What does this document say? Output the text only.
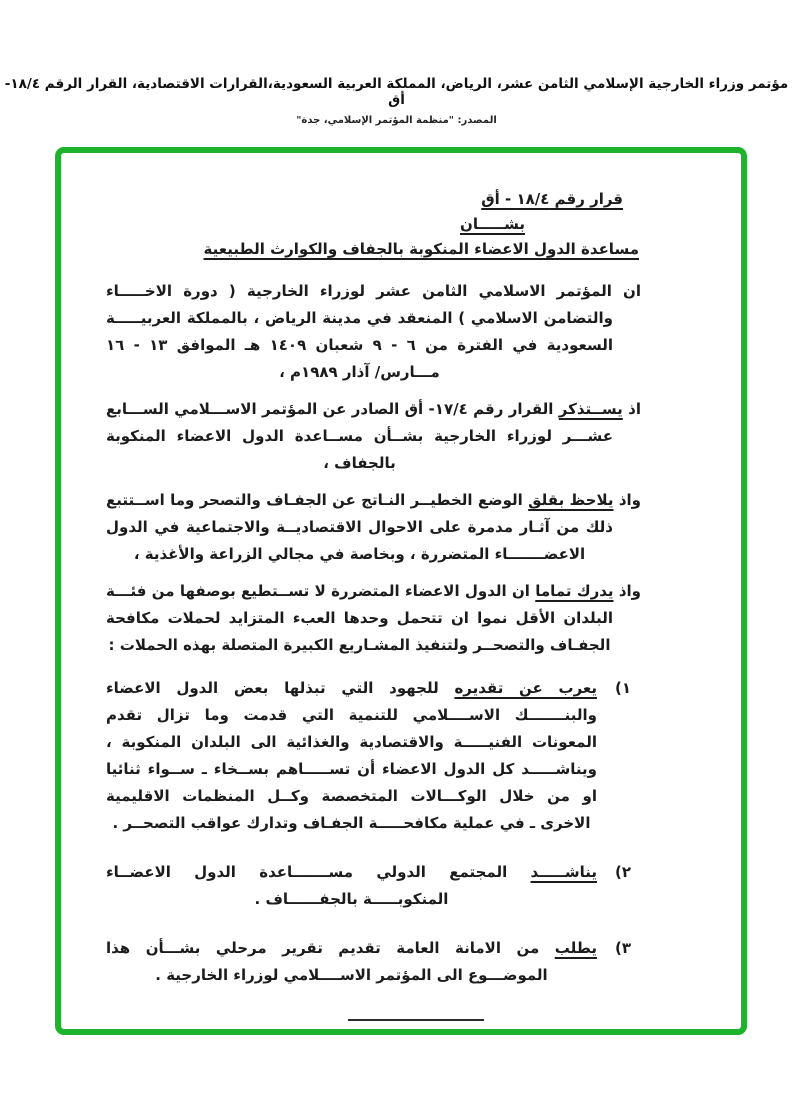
مؤتمر وزراء الخارجية الإسلامي الثامن عشر، الرياض، المملكة العربية السعودية،القرارات الاقتصادية، القرار الرقم ١٨/٤-أق
المصدر: "منظمة المؤتمر الإسلامي، جدة"
قرار رقم ١٨/٤ - أق
بشـــــان
مساعدة الدول الاعضاء المنكوبة بالجفاف والكوارث الطبيعية

ان المؤتمر الاسلامي الثامن عشر لوزراء الخارجية ( دورة الاخـــــاء والتضامن الاسلامي ) المنعقد في مدينة الرياض ، بالمملكة العربيـــــة السعودية في الفترة من ٦ - ٩ شعبان ١٤٠٩ هـ الموافق ١٣ - ١٦ مـــارس/ آذار ١٩٨٩م ،

اذ يســتذكر القرار رقم ١٧/٤- أق الصادر عن المؤتمر الاســـلامي الســـابع عشـــر لوزراء الخارجية بشــأن مســاعدة الدول الاعضاء المنكوبة بالجفاف ،

واذ يلاحظ بقلق الوضع الخطيــر النـاتج عن الجفـاف والتصحر وما اســتتبع ذلك من آثـار مدمرة على الاحوال الاقتصاديــة والاجتماعية في الدول الاعضـــــــاء المتضررة ، وبخاصة في مجالي الزراعة والأغذية ،

واذ يدرك تماما ان الدول الاعضاء المتضررة لا تســتطيع بوصفها من فئـــة البلدان الأقل نموا ان تتحمل وحدها العبء المتزايد لحملات مكافحة الجفـاف والتصحــر ولتنفيذ المشـاريع الكبيرة المتصلة بهذه الحملات :

١)

يعرب عن تقديره للجهود التي تبذلها بعض الدول الاعضاء والبنـــــــك الاســــلامي للتنمية التي قدمت وما تزال تقدم المعونات الفنيـــــة والاقتصادية والغذائية الى البلدان المنكوبة ، ويناشـــــد كل الدول الاعضاء أن تســـــاهم بســخاء ـ ســواء ثنائيا او من خلال الوكـــالات المتخصصة وكــل المنظمات الاقليمية الاخرى ـ في عملية مكافحـــــة الجفـاف وتدارك عواقب التصحــر .

٢)

يناشـــــد المجتمع الدولي مســـــــاعدة الدول الاعضــاء المنكوبـــــة بالجفــــــاف .

٣)

يطلب من الامانة العامة تقديم تقرير مرحلي بشـــأن هذا الموضـــوع الى المؤتمر الاســــلامي لوزراء الخارجية .
